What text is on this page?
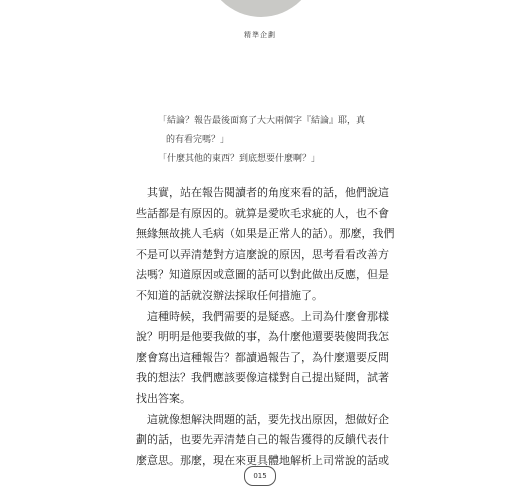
精準企劃
「結論？報告最後面寫了大大兩個字『結論』耶，真
的有看完嗎？」
「什麼其他的東西？到底想要什麼啊？」
　其實，站在報告閱讀者的角度來看的話，他們說這
些話都是有原因的。就算是愛吹毛求疵的人，也不會
無緣無故挑人毛病（如果是正常人的話）。那麼，我們
不是可以弄清楚對方這麼說的原因，思考看看改善方
法嗎？知道原因或意圖的話可以對此做出反應，但是
不知道的話就沒辦法採取任何措施了。
　這種時候，我們需要的是疑惑。上司為什麼會那樣
說？明明是他要我做的事，為什麼他還要裝傻問我怎
麼會寫出這種報告？都讀過報告了，為什麼還要反問
我的想法？我們應該要像這樣對自己提出疑問，試著
找出答案。
　這就像想解決問題的話，要先找出原因，想做好企
劃的話，也要先弄清楚自己的報告獲得的反饋代表什
麼意思。那麼，現在來更具體地解析上司常說的話或
015
